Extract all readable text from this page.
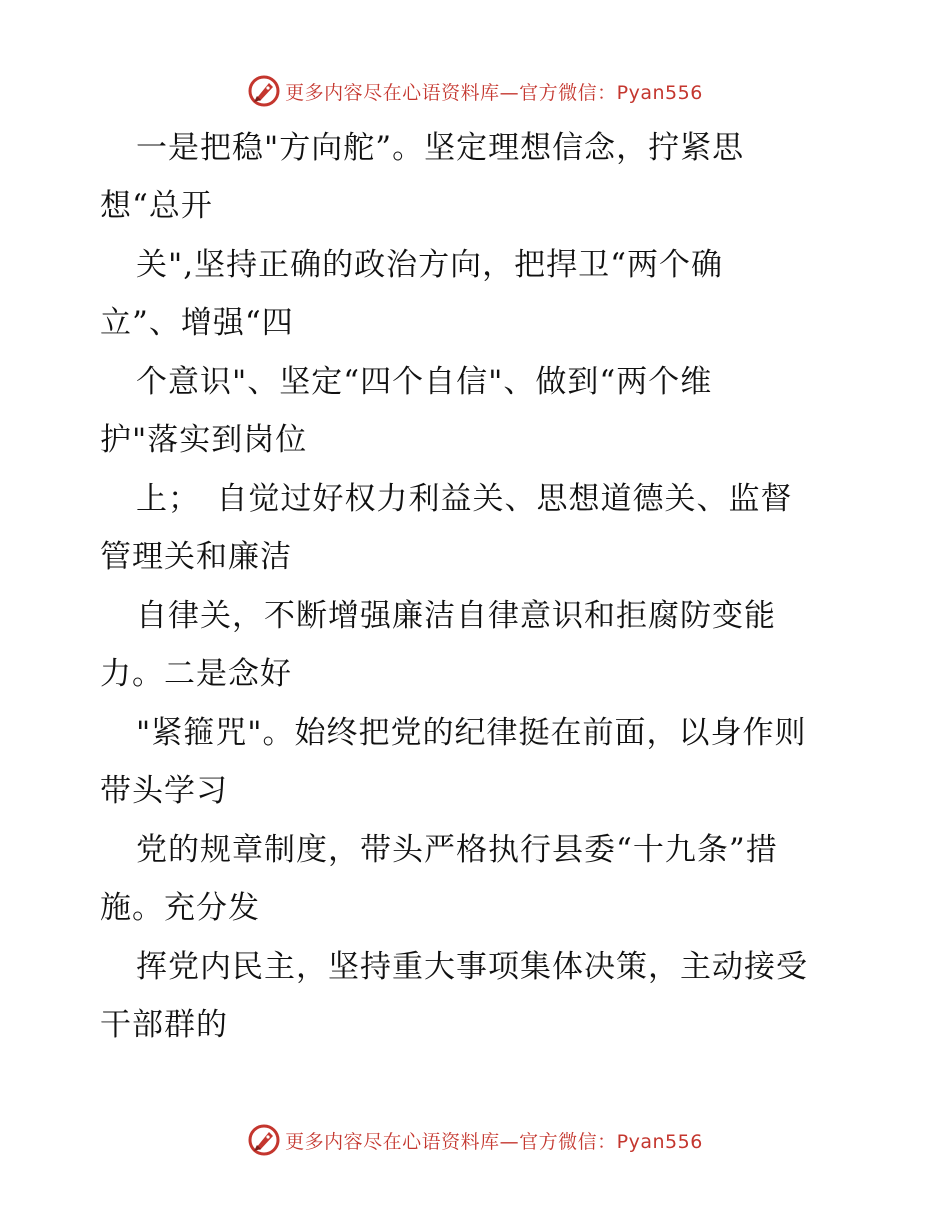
更多内容尽在心语资料库—官方微信：Pyan556
一是把稳"方向舵”。坚定理想信念，拧紧思
想“总开
关",坚持正确的政治方向，把捍卫“两个确
立”、增强“四
个意识"、坚定“四个自信"、做到“两个维
护"落实到岗位
上；　自觉过好权力利益关、思想道德关、监督
管理关和廉洁
自律关，不断增强廉洁自律意识和拒腐防变能
力。二是念好
"紧箍咒"。始终把党的纪律挺在前面，以身作则
带头学习
党的规章制度，带头严格执行县委“十九条”措
施。充分发
挥党内民主，坚持重大事项集体决策，主动接受
干部群的
更多内容尽在心语资料库—官方微信：Pyan556
